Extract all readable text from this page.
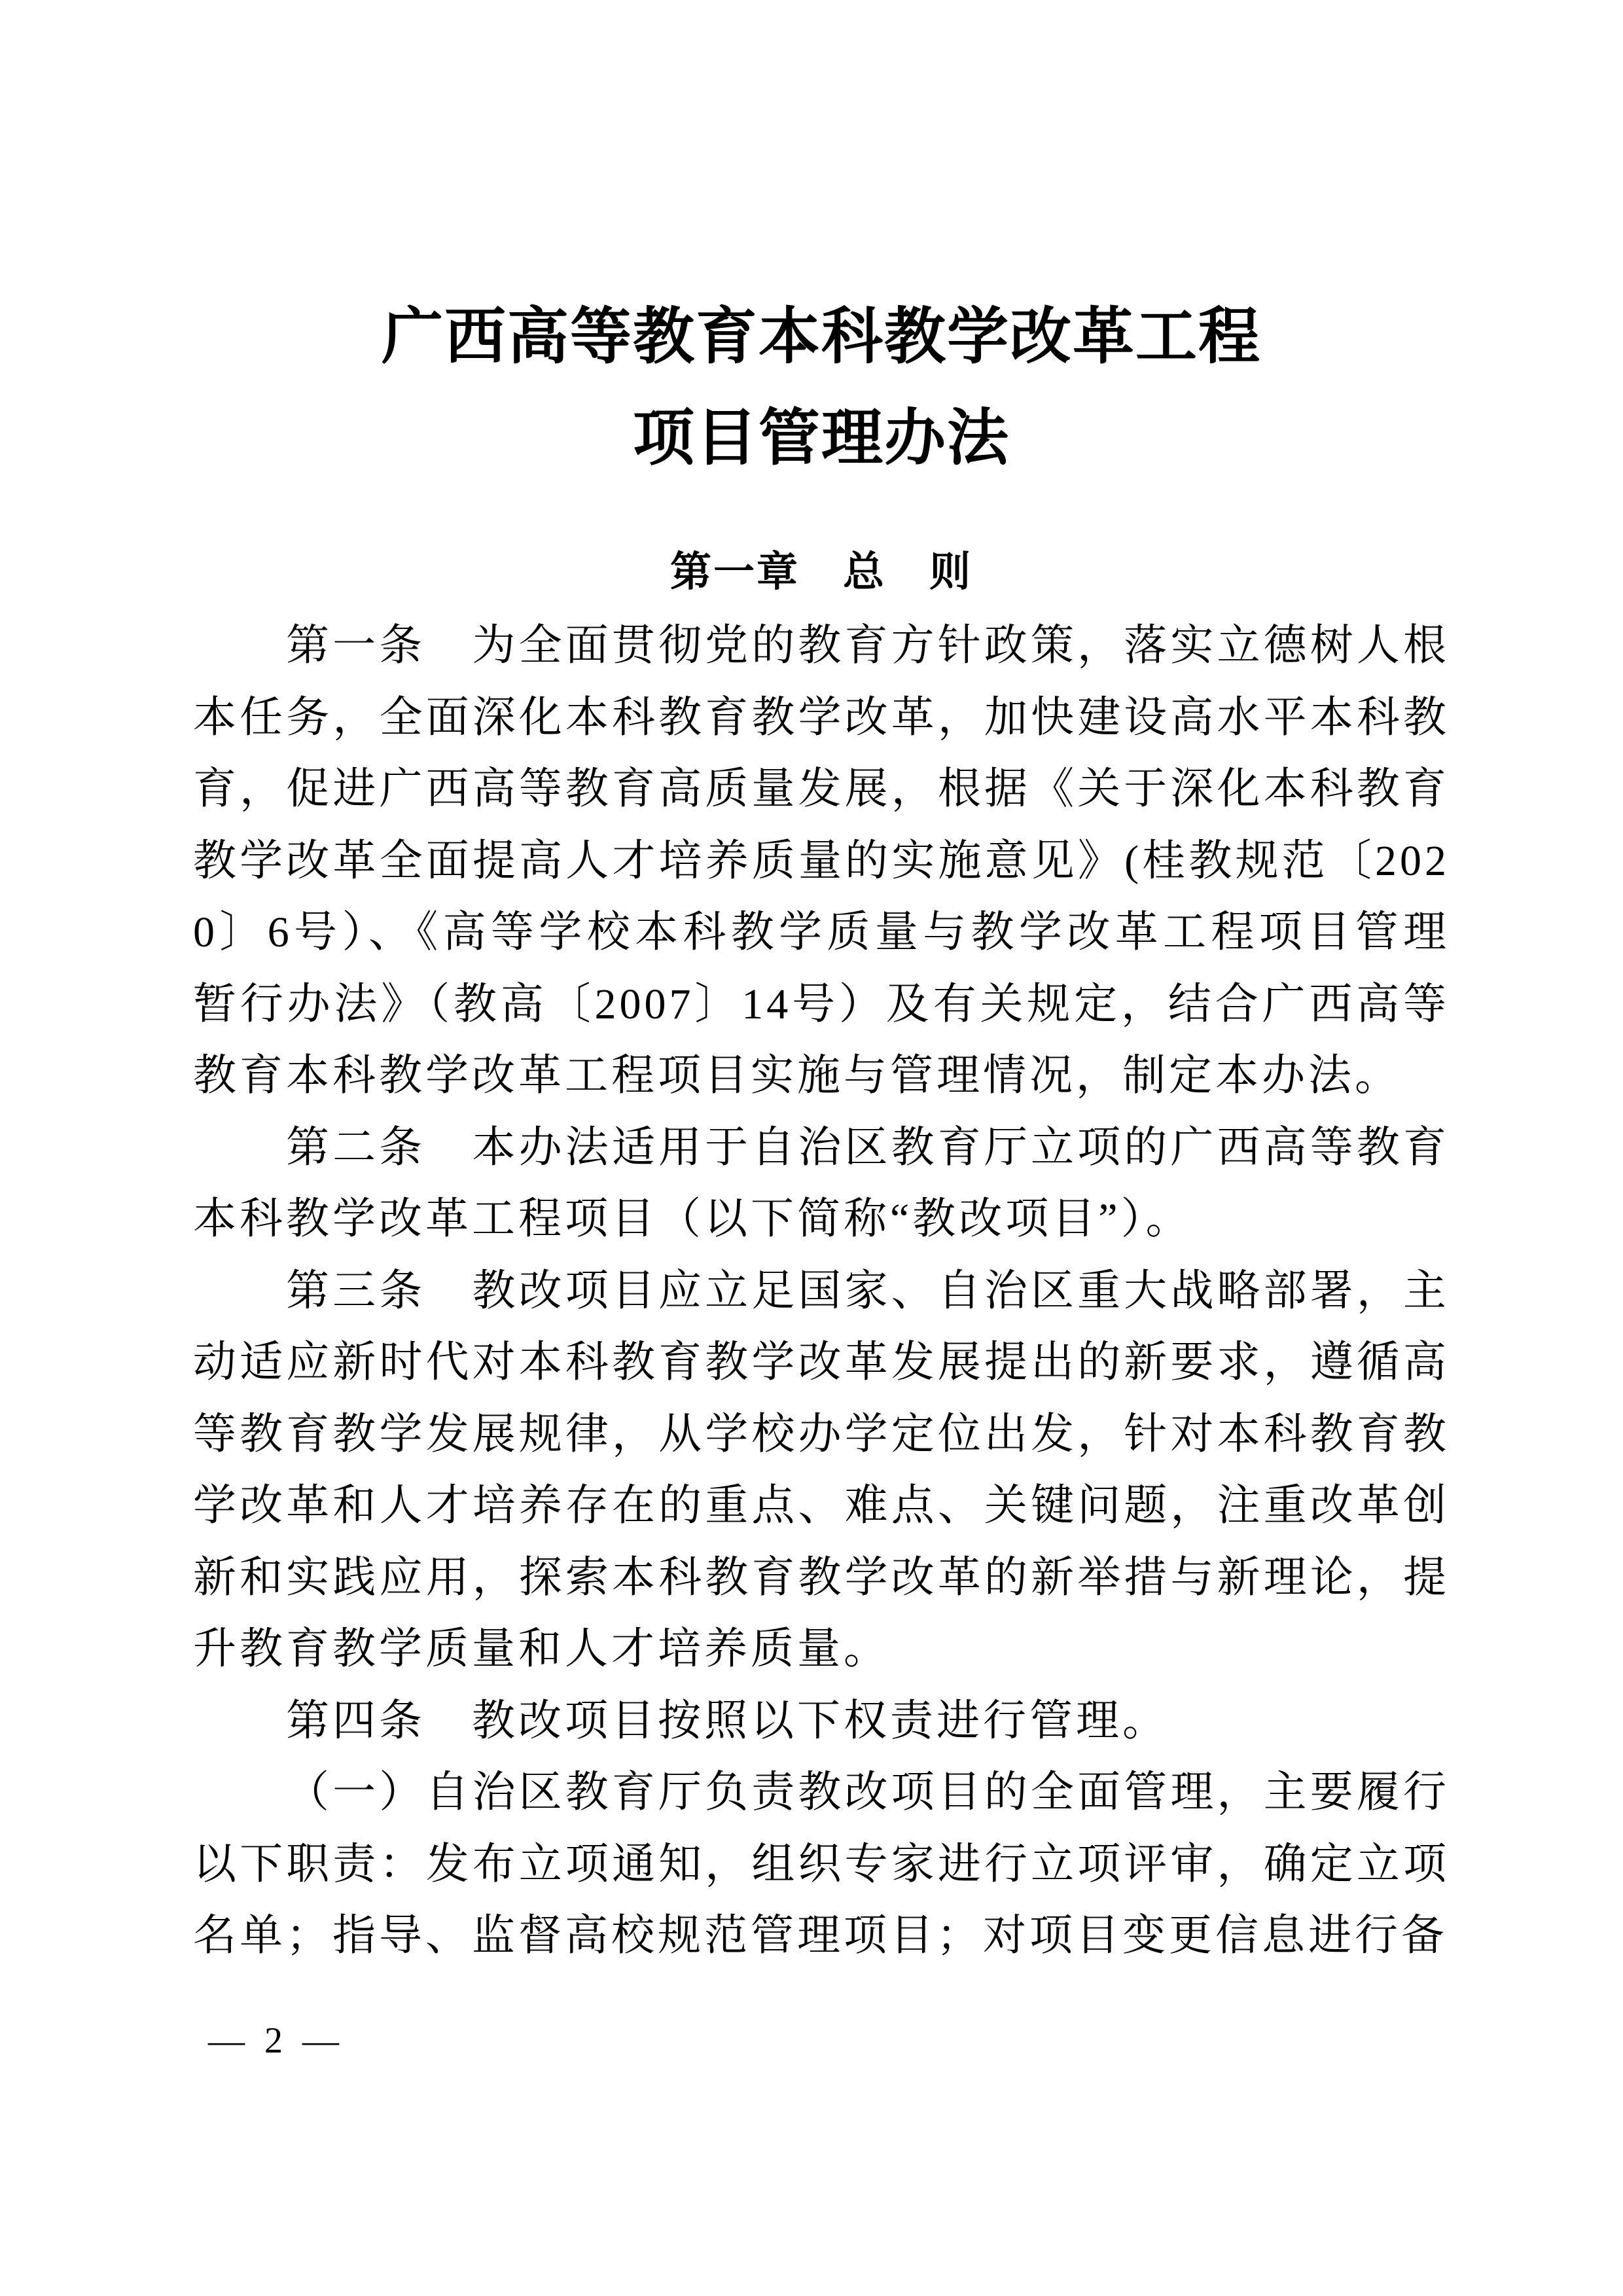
广西高等教育本科教学改革工程
项目管理办法
第一章　总　则

第一条　为全面贯彻党的教育方针政策，落实立德树人根本任务，全面深化本科教育教学改革，加快建设高水平本科教育，促进广西高等教育高质量发展，根据《关于深化本科教育教学改革全面提高人才培养质量的实施意见》(桂教规范〔2020〕6号）、《高等学校本科教学质量与教学改革工程项目管理暂行办法》（教高〔2007〕14号）及有关规定，结合广西高等教育本科教学改革工程项目实施与管理情况，制定本办法。

第二条　本办法适用于自治区教育厅立项的广西高等教育本科教学改革工程项目（以下简称“教改项目”）。

第三条　教改项目应立足国家、自治区重大战略部署，主动适应新时代对本科教育教学改革发展提出的新要求，遵循高等教育教学发展规律，从学校办学定位出发，针对本科教育教学改革和人才培养存在的重点、难点、关键问题，注重改革创新和实践应用，探索本科教育教学改革的新举措与新理论，提升教育教学质量和人才培养质量。

第四条　教改项目按照以下权责进行管理。

（一）自治区教育厅负责教改项目的全面管理，主要履行以下职责：发布立项通知，组织专家进行立项评审，确定立项名单；指导、监督高校规范管理项目；对项目变更信息进行备

— 2 —
